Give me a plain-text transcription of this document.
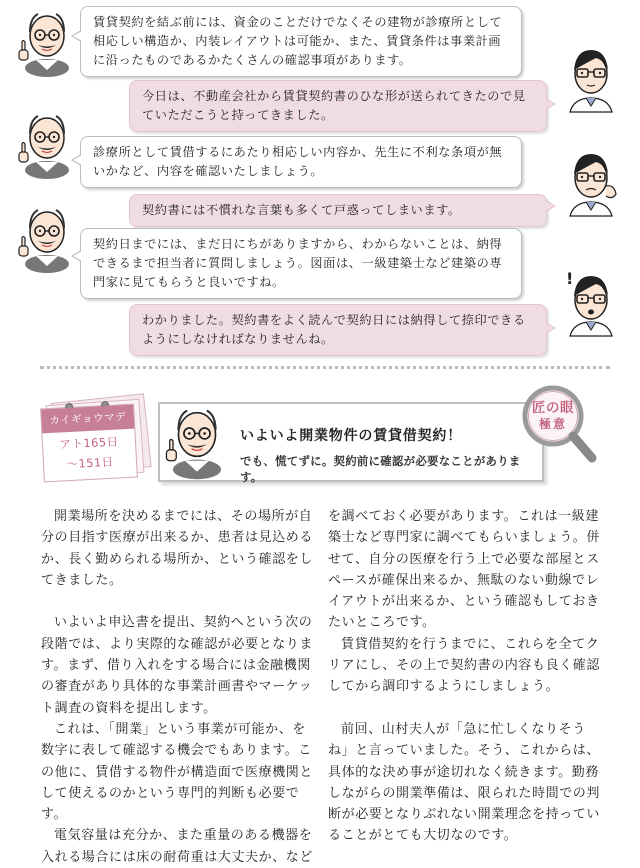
賃貸契約を結ぶ前には、資金のことだけでなくその建物が診療所として相応しい構造か、内装レイアウトは可能か、また、賃貸条件は事業計画に沿ったものであるかたくさんの確認事項があります。
今日は、不動産会社から賃貸契約書のひな形が送られてきたので見ていただこうと持ってきました。
診療所として賃借するにあたり相応しい内容か、先生に不利な条項が無いかなど、内容を確認いたしましょう。
契約書には不慣れな言葉も多くて戸惑ってしまいます。
契約日までには、まだ日にちがありますから、わからないことは、納得できるまで担当者に質問しましょう。図面は、一級建築士など建築の専門家に見てもらうと良いですね。	!
わかりました。契約書をよく読んで契約日には納得して捺印できるようにしなければなりませんね。
カイギョウマデ
アト165日
～151日
いよいよ開業物件の賃貸借契約！
でも、慌てずに。契約前に確認が必要なことがあります。
匠の眼
極意

開業場所を決めるまでには、その場所が自分の目指す医療が出来るか、患者は見込めるか、長く勤められる場所か、という確認をしてきました。

いよいよ申込書を提出、契約へという次の段階では、より実際的な確認が必要となります。まず、借り入れをする場合には金融機関の審査があり具体的な事業計画書やマーケット調査の資料を提出します。

これは、「開業」という事業が可能か、を数字に表して確認する機会でもあります。この他に、賃借する物件が構造面で医療機関として使えるのかという専門的判断も必要です。

電気容量は充分か、また重量のある機器を入れる場合には床の耐荷重は大丈夫か、など

を調べておく必要があります。これは一級建築士など専門家に調べてもらいましょう。併せて、自分の医療を行う上で必要な部屋とスペースが確保出来るか、無駄のない動線でレイアウトが出来るか、という確認もしておきたいところです。

賃貸借契約を行うまでに、これらを全てクリアにし、その上で契約書の内容も良く確認してから調印するようにしましょう。

前回、山村夫人が「急に忙しくなりそうね」と言っていました。そう、これからは、具体的な決め事が途切れなく続きます。勤務しながらの開業準備は、限られた時間での判断が必要となりぶれない開業理念を持っていることがとても大切なのです。
